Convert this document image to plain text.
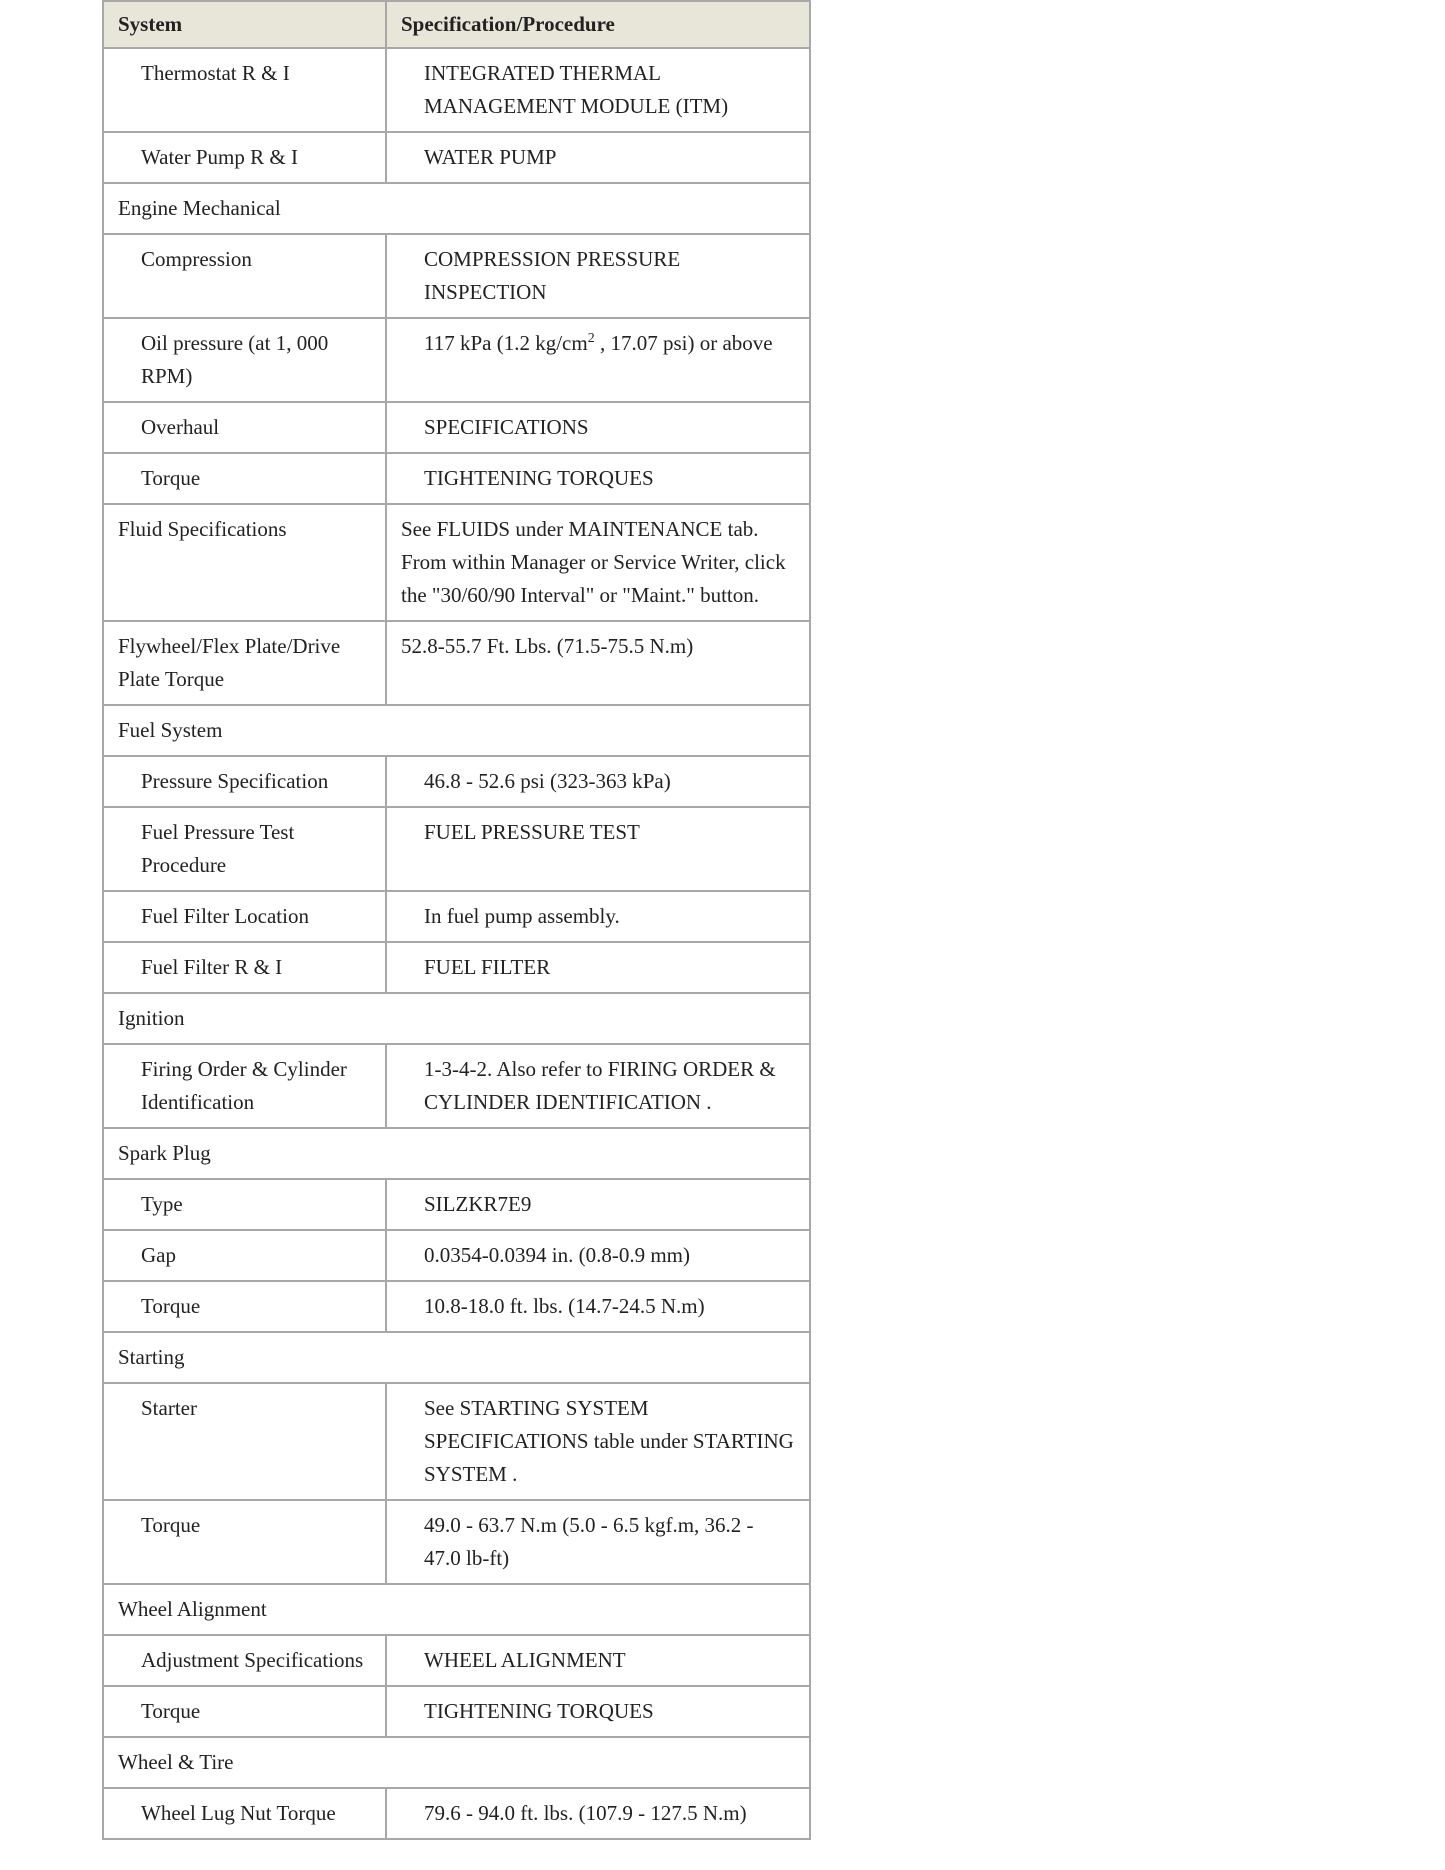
System	Specification/Procedure
Thermostat R & I	INTEGRATED THERMAL MANAGEMENT MODULE (ITM)
Water Pump R & I	WATER PUMP
Engine Mechanical	
Compression	COMPRESSION PRESSURE INSPECTION
Oil pressure (at 1, 000 RPM)	117 kPa (1.2 $kg/cm^2$ , 17.07 psi) or above
Overhaul	SPECIFICATIONS
Torque	TIGHTENING TORQUES
Fluid Specifications	See FLUIDS under MAINTENANCE tab. From within Manager or Service Writer, click the "30/60/90 Interval" or "Maint." button.
Flywheel/Flex Plate/Drive Plate Torque	52.8-55.7 Ft. Lbs. (71.5-75.5 N.m)
Fuel System	
Pressure Specification	46.8 - 52.6 psi (323-363 kPa)
Fuel Pressure Test Procedure	FUEL PRESSURE TEST
Fuel Filter Location	In fuel pump assembly.
Fuel Filter R & I	FUEL FILTER
Ignition	
Firing Order & Cylinder Identification	1-3-4-2. Also refer to FIRING ORDER & CYLINDER IDENTIFICATION .
Spark Plug	
Type	SILZKR7E9
Gap	0.0354-0.0394 in. (0.8-0.9 mm)
Torque	10.8-18.0 ft. lbs. (14.7-24.5 N.m)
Starting	
Starter	See STARTING SYSTEM SPECIFICATIONS table under STARTING SYSTEM .
Torque	49.0 - 63.7 N.m (5.0 - 6.5 kgf.m, 36.2 - 47.0 lb-ft)
Wheel Alignment	
Adjustment Specifications	WHEEL ALIGNMENT
Torque	TIGHTENING TORQUES
Wheel & Tire	
Wheel Lug Nut Torque	79.6 - 94.0 ft. lbs. (107.9 - 127.5 N.m)
